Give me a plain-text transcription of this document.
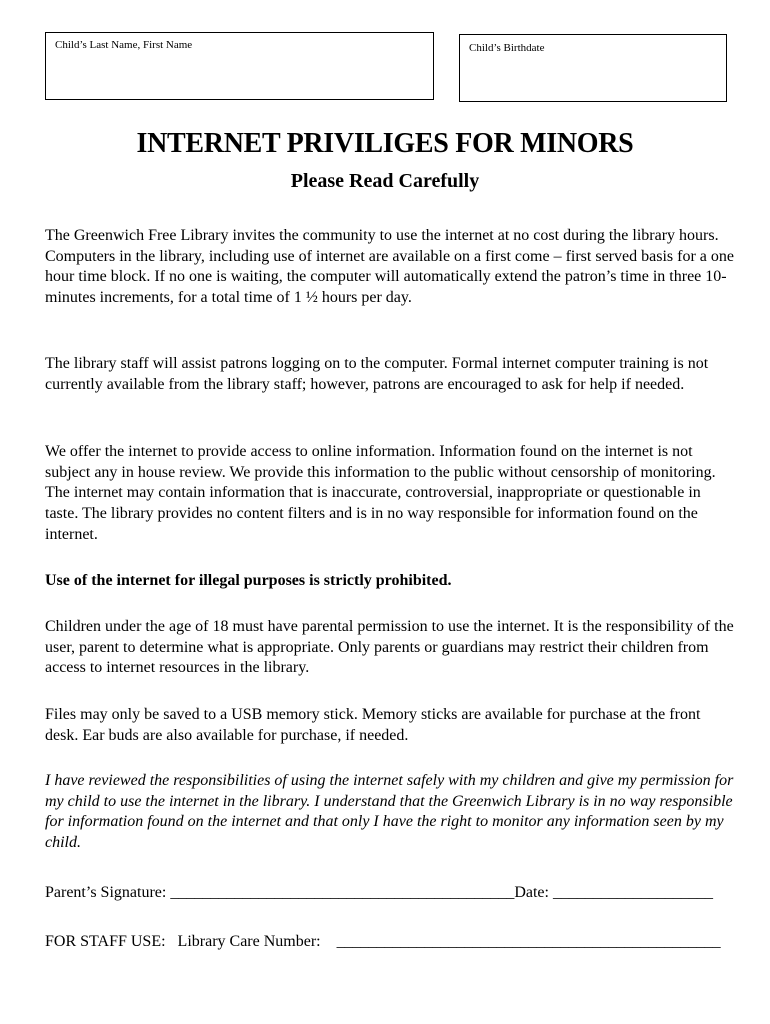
Child’s Last Name, First Name	Child’s Birthdate
INTERNET PRIVILIGES FOR MINORS
Please Read Carefully

The Greenwich Free Library invites the community to use the internet at no cost during the library hours. Computers in the library, including use of internet are available on a first come – first served basis for a one hour time block. If no one is waiting, the computer will automatically extend the patron’s time in three 10-minutes increments, for a total time of 1 ½ hours per day.

The library staff will assist patrons logging on to the computer. Formal internet computer training is not currently available from the library staff; however, patrons are encouraged to ask for help if needed.

We offer the internet to provide access to online information. Information found on the internet is not subject any in house review. We provide this information to the public without censorship of monitoring. The internet may contain information that is inaccurate, controversial, inappropriate or questionable in taste. The library provides no content filters and is in no way responsible for information found on the internet.

Use of the internet for illegal purposes is strictly prohibited.

Children under the age of 18 must have parental permission to use the internet. It is the responsibility of the user, parent to determine what is appropriate. Only parents or guardians may restrict their children from access to internet resources in the library.

Files may only be saved to a USB memory stick. Memory sticks are available for purchase at the front desk. Ear buds are also available for purchase, if needed.

I have reviewed the responsibilities of using the internet safely with my children and give my permission for my child to use the internet in the library. I understand that the Greenwich Library is in no way responsible for information found on the internet and that only I have the right to monitor any information seen by my child.

Parent’s Signature: ___________________________________________Date: ____________________
FOR STAFF USE:   Library Care Number:    ________________________________________________
